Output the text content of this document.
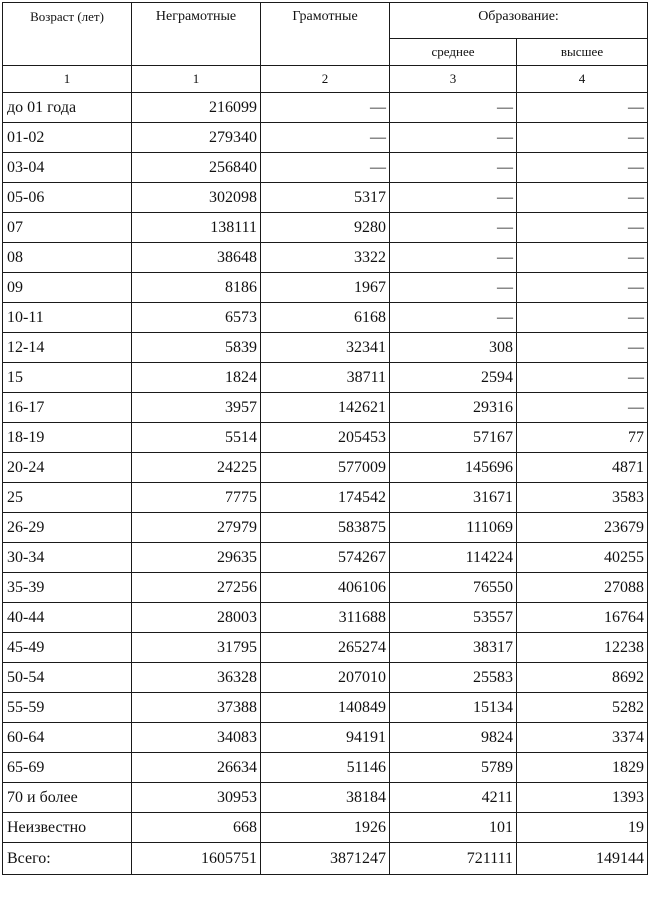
Возраст (лет)	Неграмотные	Грамотные	Образование:	
			среднее	высшее
1	1	2	3	4
до 01 года	216099	—	—	—
01-02	279340	—	—	—
03-04	256840	—	—	—
05-06	302098	5317	—	—
07	138111	9280	—	—
08	38648	3322	—	—
09	8186	1967	—	—
10-11	6573	6168	—	—
12-14	5839	32341	308	—
15	1824	38711	2594	—
16-17	3957	142621	29316	—
18-19	5514	205453	57167	77
20-24	24225	577009	145696	4871
25	7775	174542	31671	3583
26-29	27979	583875	111069	23679
30-34	29635	574267	114224	40255
35-39	27256	406106	76550	27088
40-44	28003	311688	53557	16764
45-49	31795	265274	38317	12238
50-54	36328	207010	25583	8692
55-59	37388	140849	15134	5282
60-64	34083	94191	9824	3374
65-69	26634	51146	5789	1829
70 и более	30953	38184	4211	1393
Неизвестно	668	1926	101	19
Всего:	1605751	3871247	721111	149144
